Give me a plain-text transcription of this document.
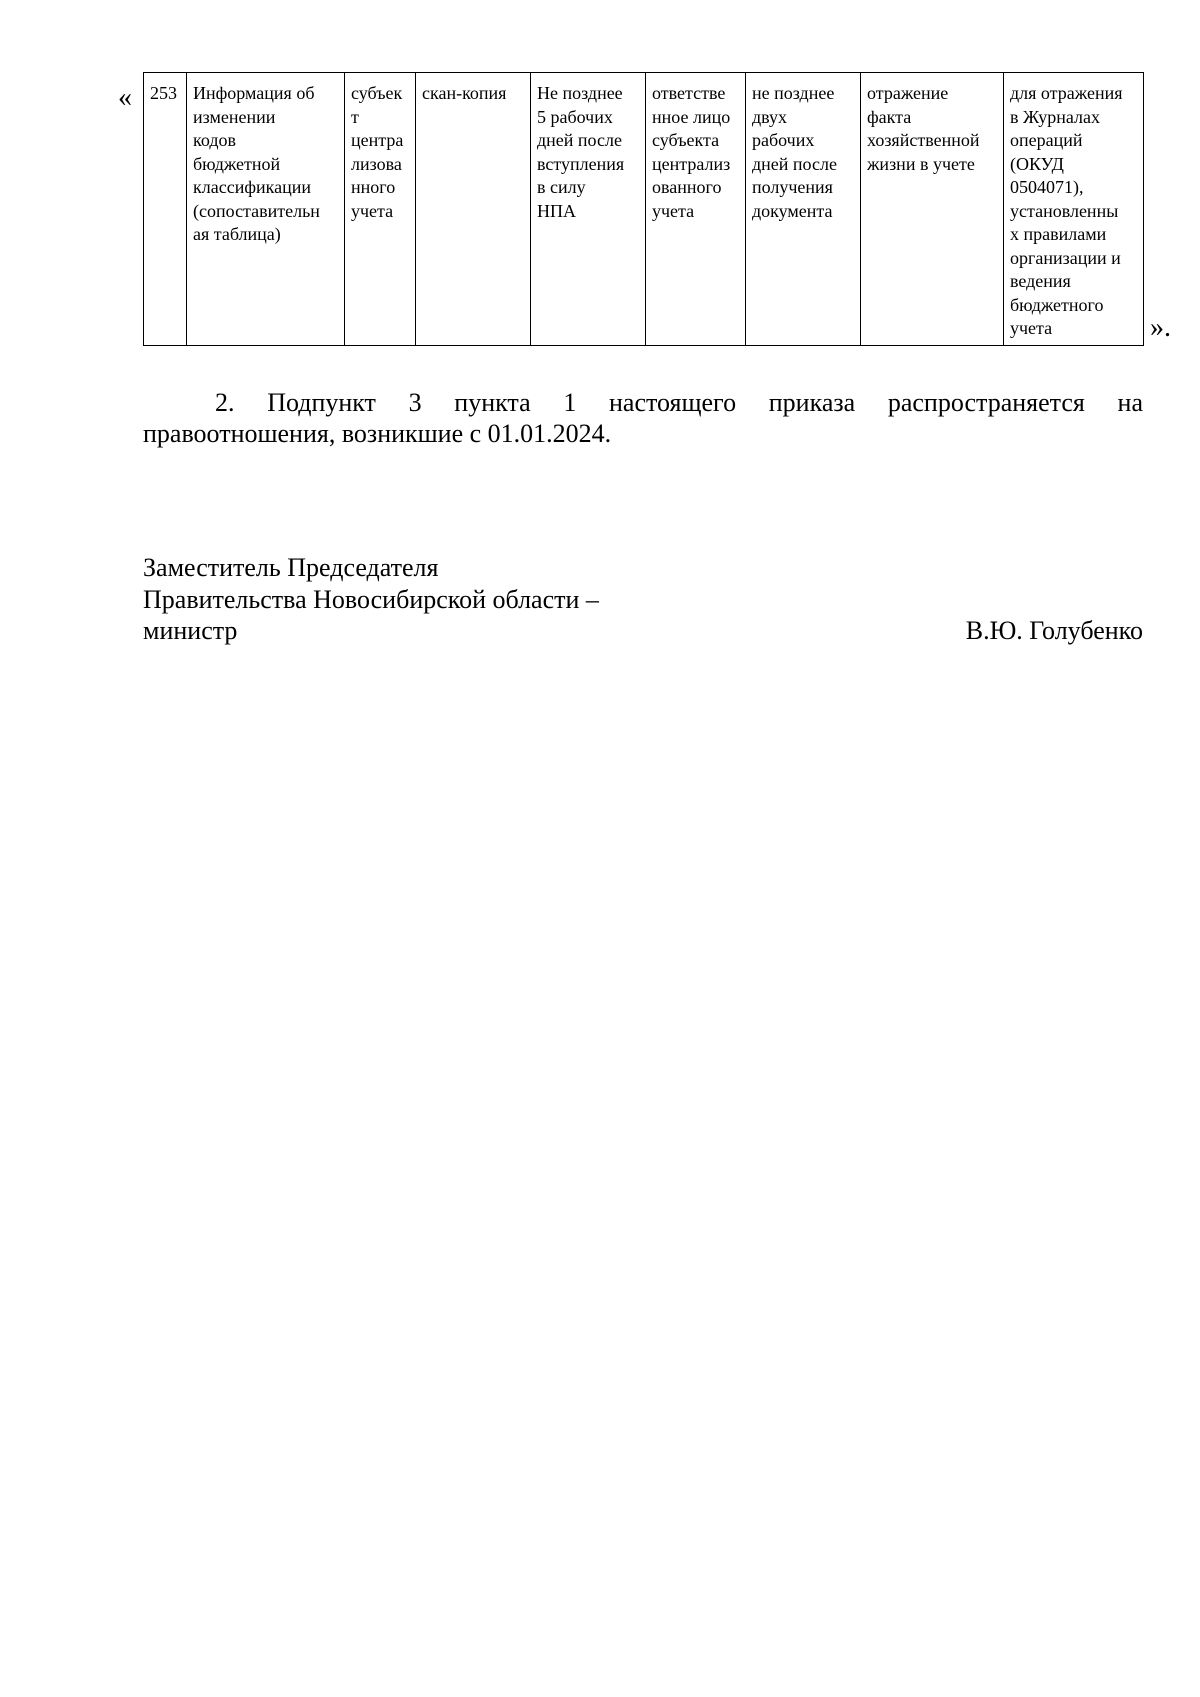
« 253	Информация об
изменении
кодов
бюджетной
классификации
(сопоставительн
ая таблица)	субъек
т
центра
лизова
нного
учета	скан-копия	Не позднее
5 рабочих
дней после
вступления
в силу
НПА	ответстве
нное лицо
субъекта
централиз
ованного
учета	не позднее
двух
рабочих
дней после
получения
документа	отражение
факта
хозяйственной
жизни в учете	для отражения
в Журналах
операций
(ОКУД
0504071),
установленны
х правилами
организации и
ведения
бюджетного
учета	».
2. Подпункт 3 пункта 1 настоящего приказа распространяется на
правоотношения, возникшие с 01.01.2024.
Заместитель Председателя
Правительства Новосибирской области –
министр	В.Ю. Голубенко
